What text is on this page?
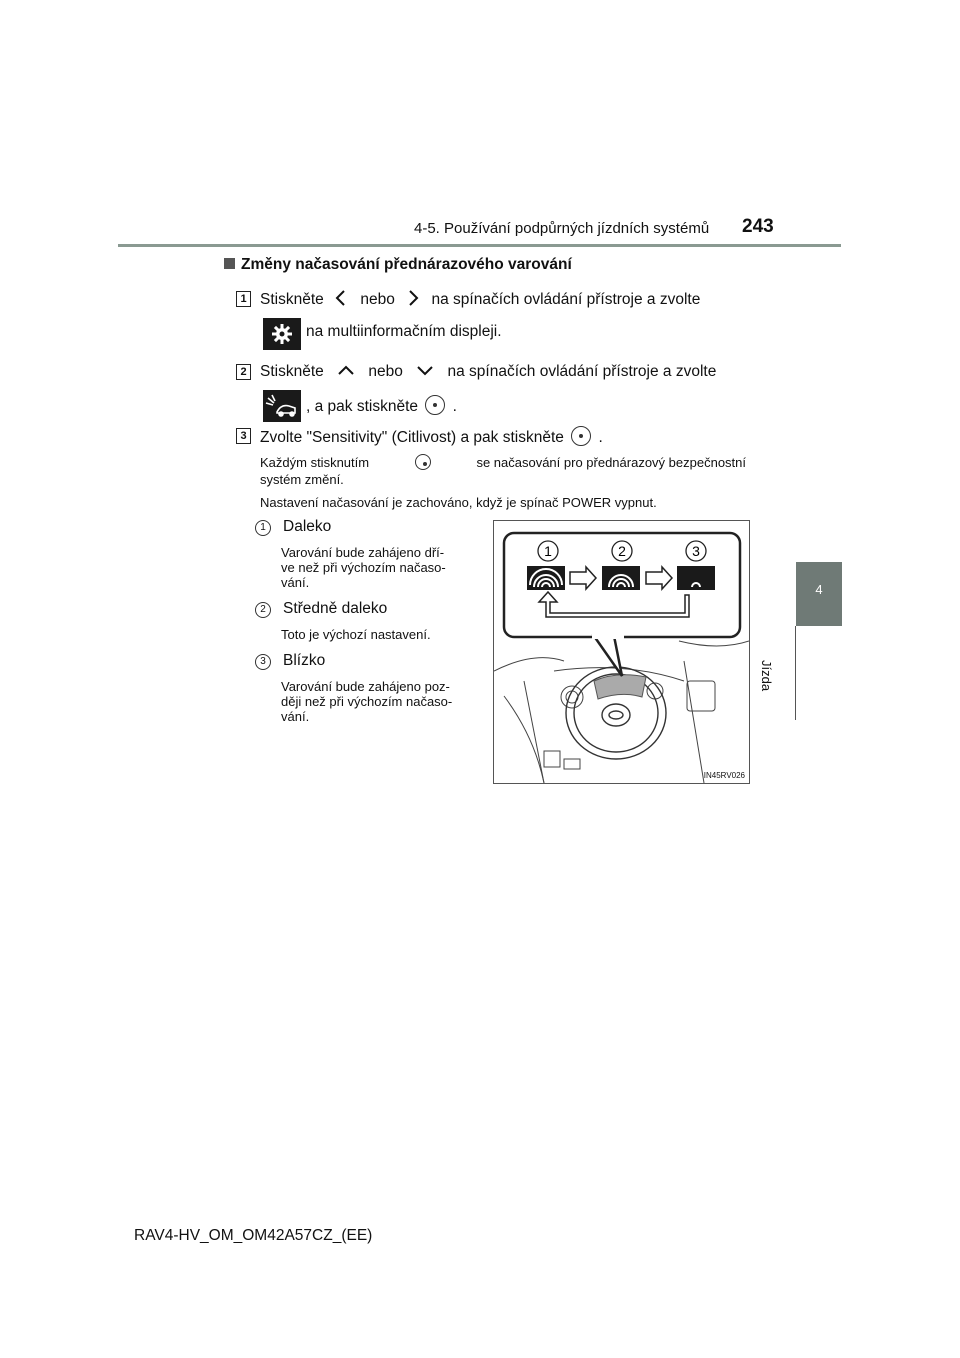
4-5. Používání podpůrných jízdních systémů 243
4
Jízda
Změny načasování přednárazového varování
1 Stiskněte nebo na spínačích ovládání přístroje a zvolte
na multiinformačním displeji.
2 Stiskněte	nebo	na spínačích ovládání přístroje a zvolte
, a pak stiskněte .
3 Zvolte "Sensitivity" (Citlivost) a pak stiskněte .
Každým stisknutím	se načasování pro přednárazový bezpečnostní
systém změní.
Nastavení načasování je zachováno, když je spínač POWER vypnut.
1 Daleko
Varování bude zahájeno dří-
ve než při výchozím načaso-
vání.
2 Středně daleko
Toto je výchozí nastavení.
3 Blízko
Varování bude zahájeno poz-
ději než při výchozím načaso-
vání.
1	2	3
IN45RV026
RAV4-HV_OM_OM42A57CZ_(EE)
